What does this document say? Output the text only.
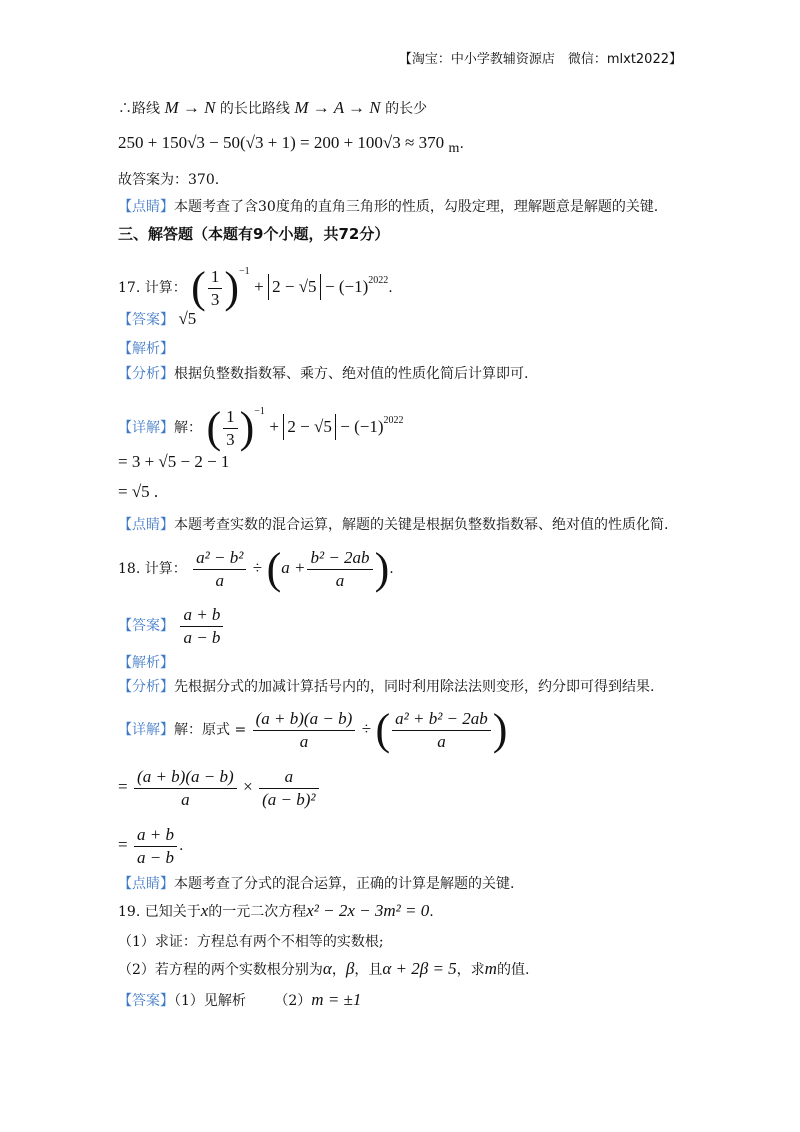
【淘宝：中小学教辅资源店　微信：mlxt2022】
∴路线 M → N 的长比路线 M → A → N 的长少
250 + 150√3 − 50(√3 + 1) = 200 + 100√3 ≈ 370 m.
故答案为：370.
【点睛】本题考查了含30度角的直角三角形的性质，勾股定理，理解题意是解题的关键.
三、解答题（本题有9个小题，共72分）
17. 计算： ( $\frac{1}{3} )^{-1} + 2 - √5 - (-1)^{2022}$.
【答案】 √5
【解析】
【分析】根据负整数指数幂、乘方、绝对值的性质化简后计算即可.
【详解】解： ( $\frac{1}{3} )^{-1} + 2 - √5 - (-1)^{2022}$
= 3 + √5 − 2 − 1
= √5 .
【点睛】本题考查实数的混合运算，解题的关键是根据负整数指数幂、绝对值的性质化简.
18. 计算： $\frac{\text{a² − b²}}{a} \div (a + \frac{\text{b² − 2ab}}{a}$ ).
【答案】 $\frac{a + b}{a - b}$
【解析】
【分析】先根据分式的加减计算括号内的，同时利用除法法则变形，约分即可得到结果.
【详解】解：原式 = $\frac{(a + b)(a - b)}{a}$ ÷ ( $\frac{\text{a² + b² − 2ab}}{a}$ )
= $\frac{(a + b)(a - b)}{a} \times \frac{a}{\text{(a − b)²}}$
= $\frac{a + b}{a - b}$ .
【点睛】本题考查了分式的混合运算，正确的计算是解题的关键.
19. 已知关于x的一元二次方程x² − 2x − 3m² = 0.
（1）求证：方程总有两个不相等的实数根;
（2）若方程的两个实数根分别为α，β，且α + 2β = 5，求m的值.
【答案】（1）见解析 （2）m = ±1
